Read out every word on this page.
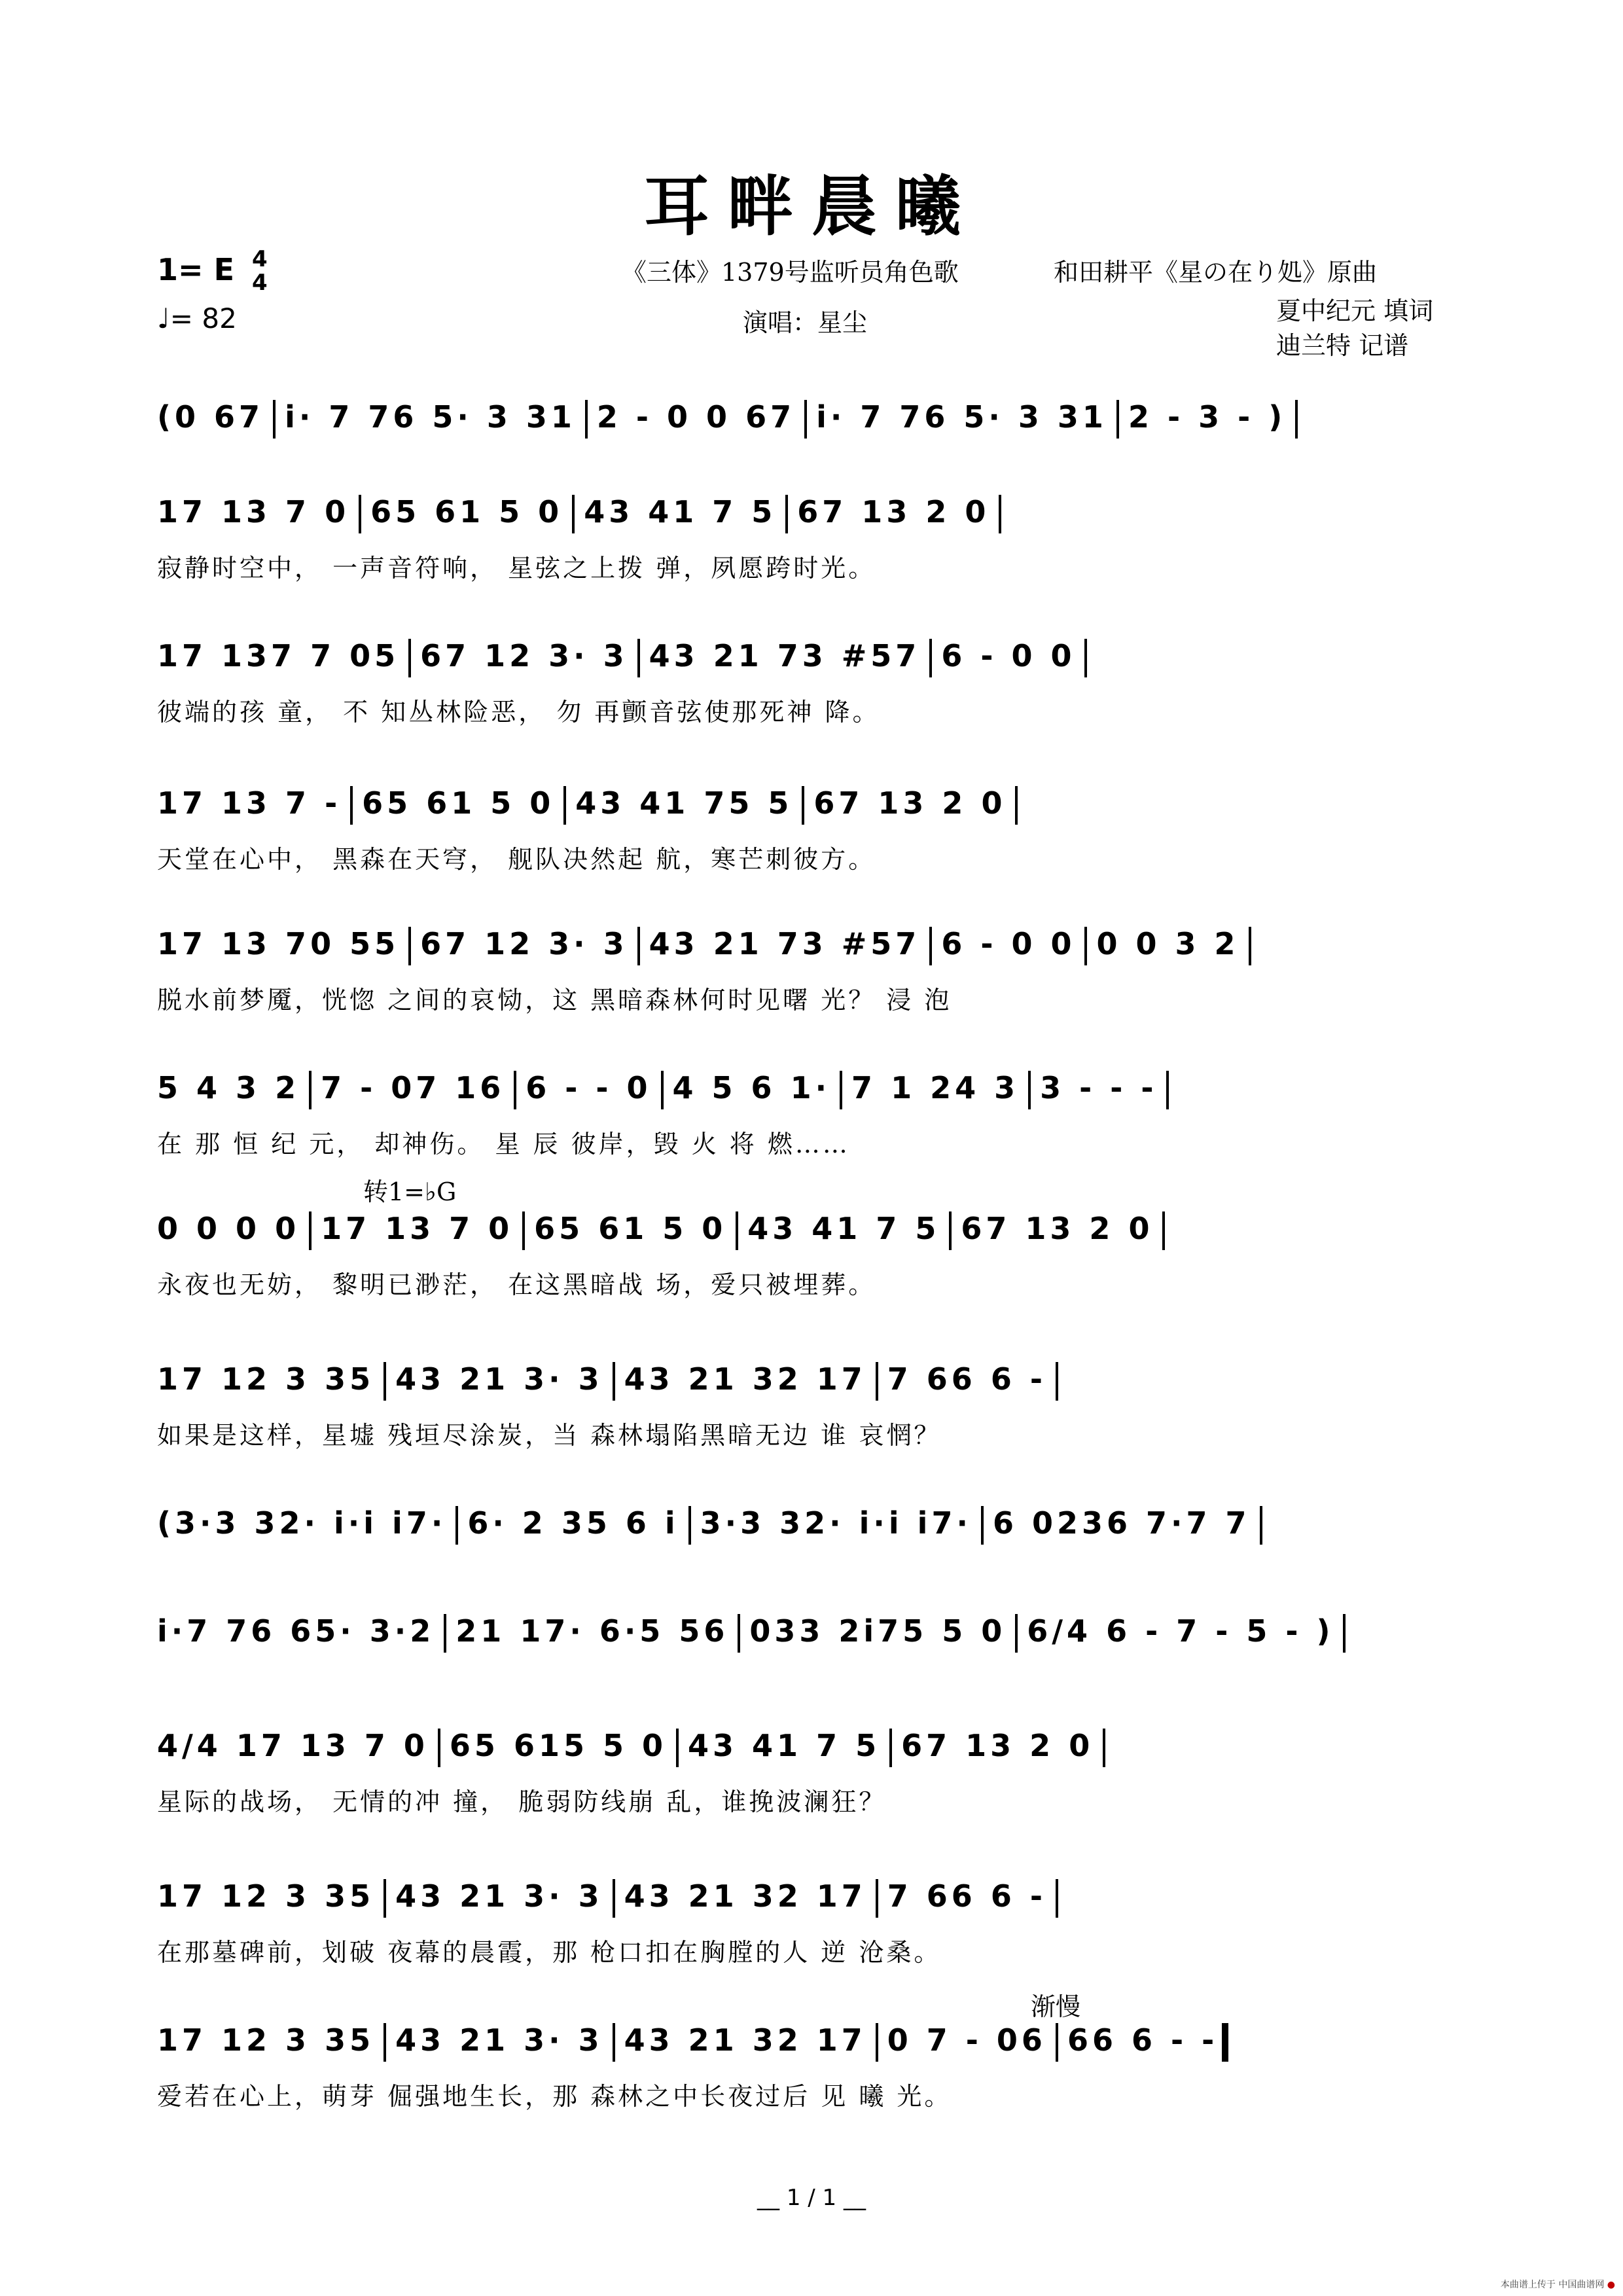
耳畔晨曦
1= E 4
4
♩= 82
《三体》1379号监听员角色歌	和田耕平《星の在り処》原曲
演唱：星尘	夏中纪元 填词
迪兰特 记谱
转1=♭G
渐慢
(0 67 i· 7 76 5· 3 31 2 - 0 0 67 i· 7 76 5· 3 31 2 - 3 - )
17 13 7 0 65 61 5 0 43 41 7 5 67 13 2 0
寂静时空中， 一声音符响， 星弦之上拨 弹，夙愿跨时光。
17 137 7 05 67 12 3· 3 43 21 73 #57 6 - 0 0
彼端的孩 童， 不 知丛林险恶， 勿 再颤音弦使那死神 降。
17 13 7 - 65 61 5 0 43 41 75 5 67 13 2 0
天堂在心中， 黑森在天穹， 舰队决然起 航，寒芒刺彼方。
17 13 70 55 67 12 3· 3 43 21 73 #57 6 - 0 0 0 0 3 2
脱水前梦魇，恍惚 之间的哀恸，这 黑暗森林何时见曙 光？ 浸 泡
5 4 3 2 7 - 07 16 6 - - 0 4 5 6 1· 7 1 24 3 3 - - -
在 那 恒 纪 元， 却神伤。 星 辰 彼岸，毁 火 将 燃……
0 0 0 0 17 13 7 0 65 61 5 0 43 41 7 5 67 13 2 0
永夜也无妨， 黎明已渺茫， 在这黑暗战 场，爱只被埋葬。
17 12 3 35 43 21 3· 3 43 21 32 17 7 66 6 -
如果是这样，星墟 残垣尽涂炭，当 森林塌陷黑暗无边 谁 哀惘？
(3·3 32· i·i i7· 6· 2 35 6 i 3·3 32· i·i i7· 6 0236 7·7 7
i·7 76 65· 3·2 21 17· 6·5 56 033 2i75 5 0 6/4 6 - 7 - 5 - )
4/4 17 13 7 0 65 615 5 0 43 41 7 5 67 13 2 0
星际的战场， 无情的冲 撞， 脆弱防线崩 乱，谁挽波澜狂？
17 12 3 35 43 21 3· 3 43 21 32 17 7 66 6 -
在那墓碑前，划破 夜幕的晨霞，那 枪口扣在胸膛的人 逆 沧桑。
17 12 3 35 43 21 3· 3 43 21 32 17 0 7 - 06 66 6 - -
爱若在心上，萌芽 倔强地生长，那 森林之中长夜过后 见 曦 光。
__ 1 / 1 __
本曲谱上传于 中国曲谱网 ●
